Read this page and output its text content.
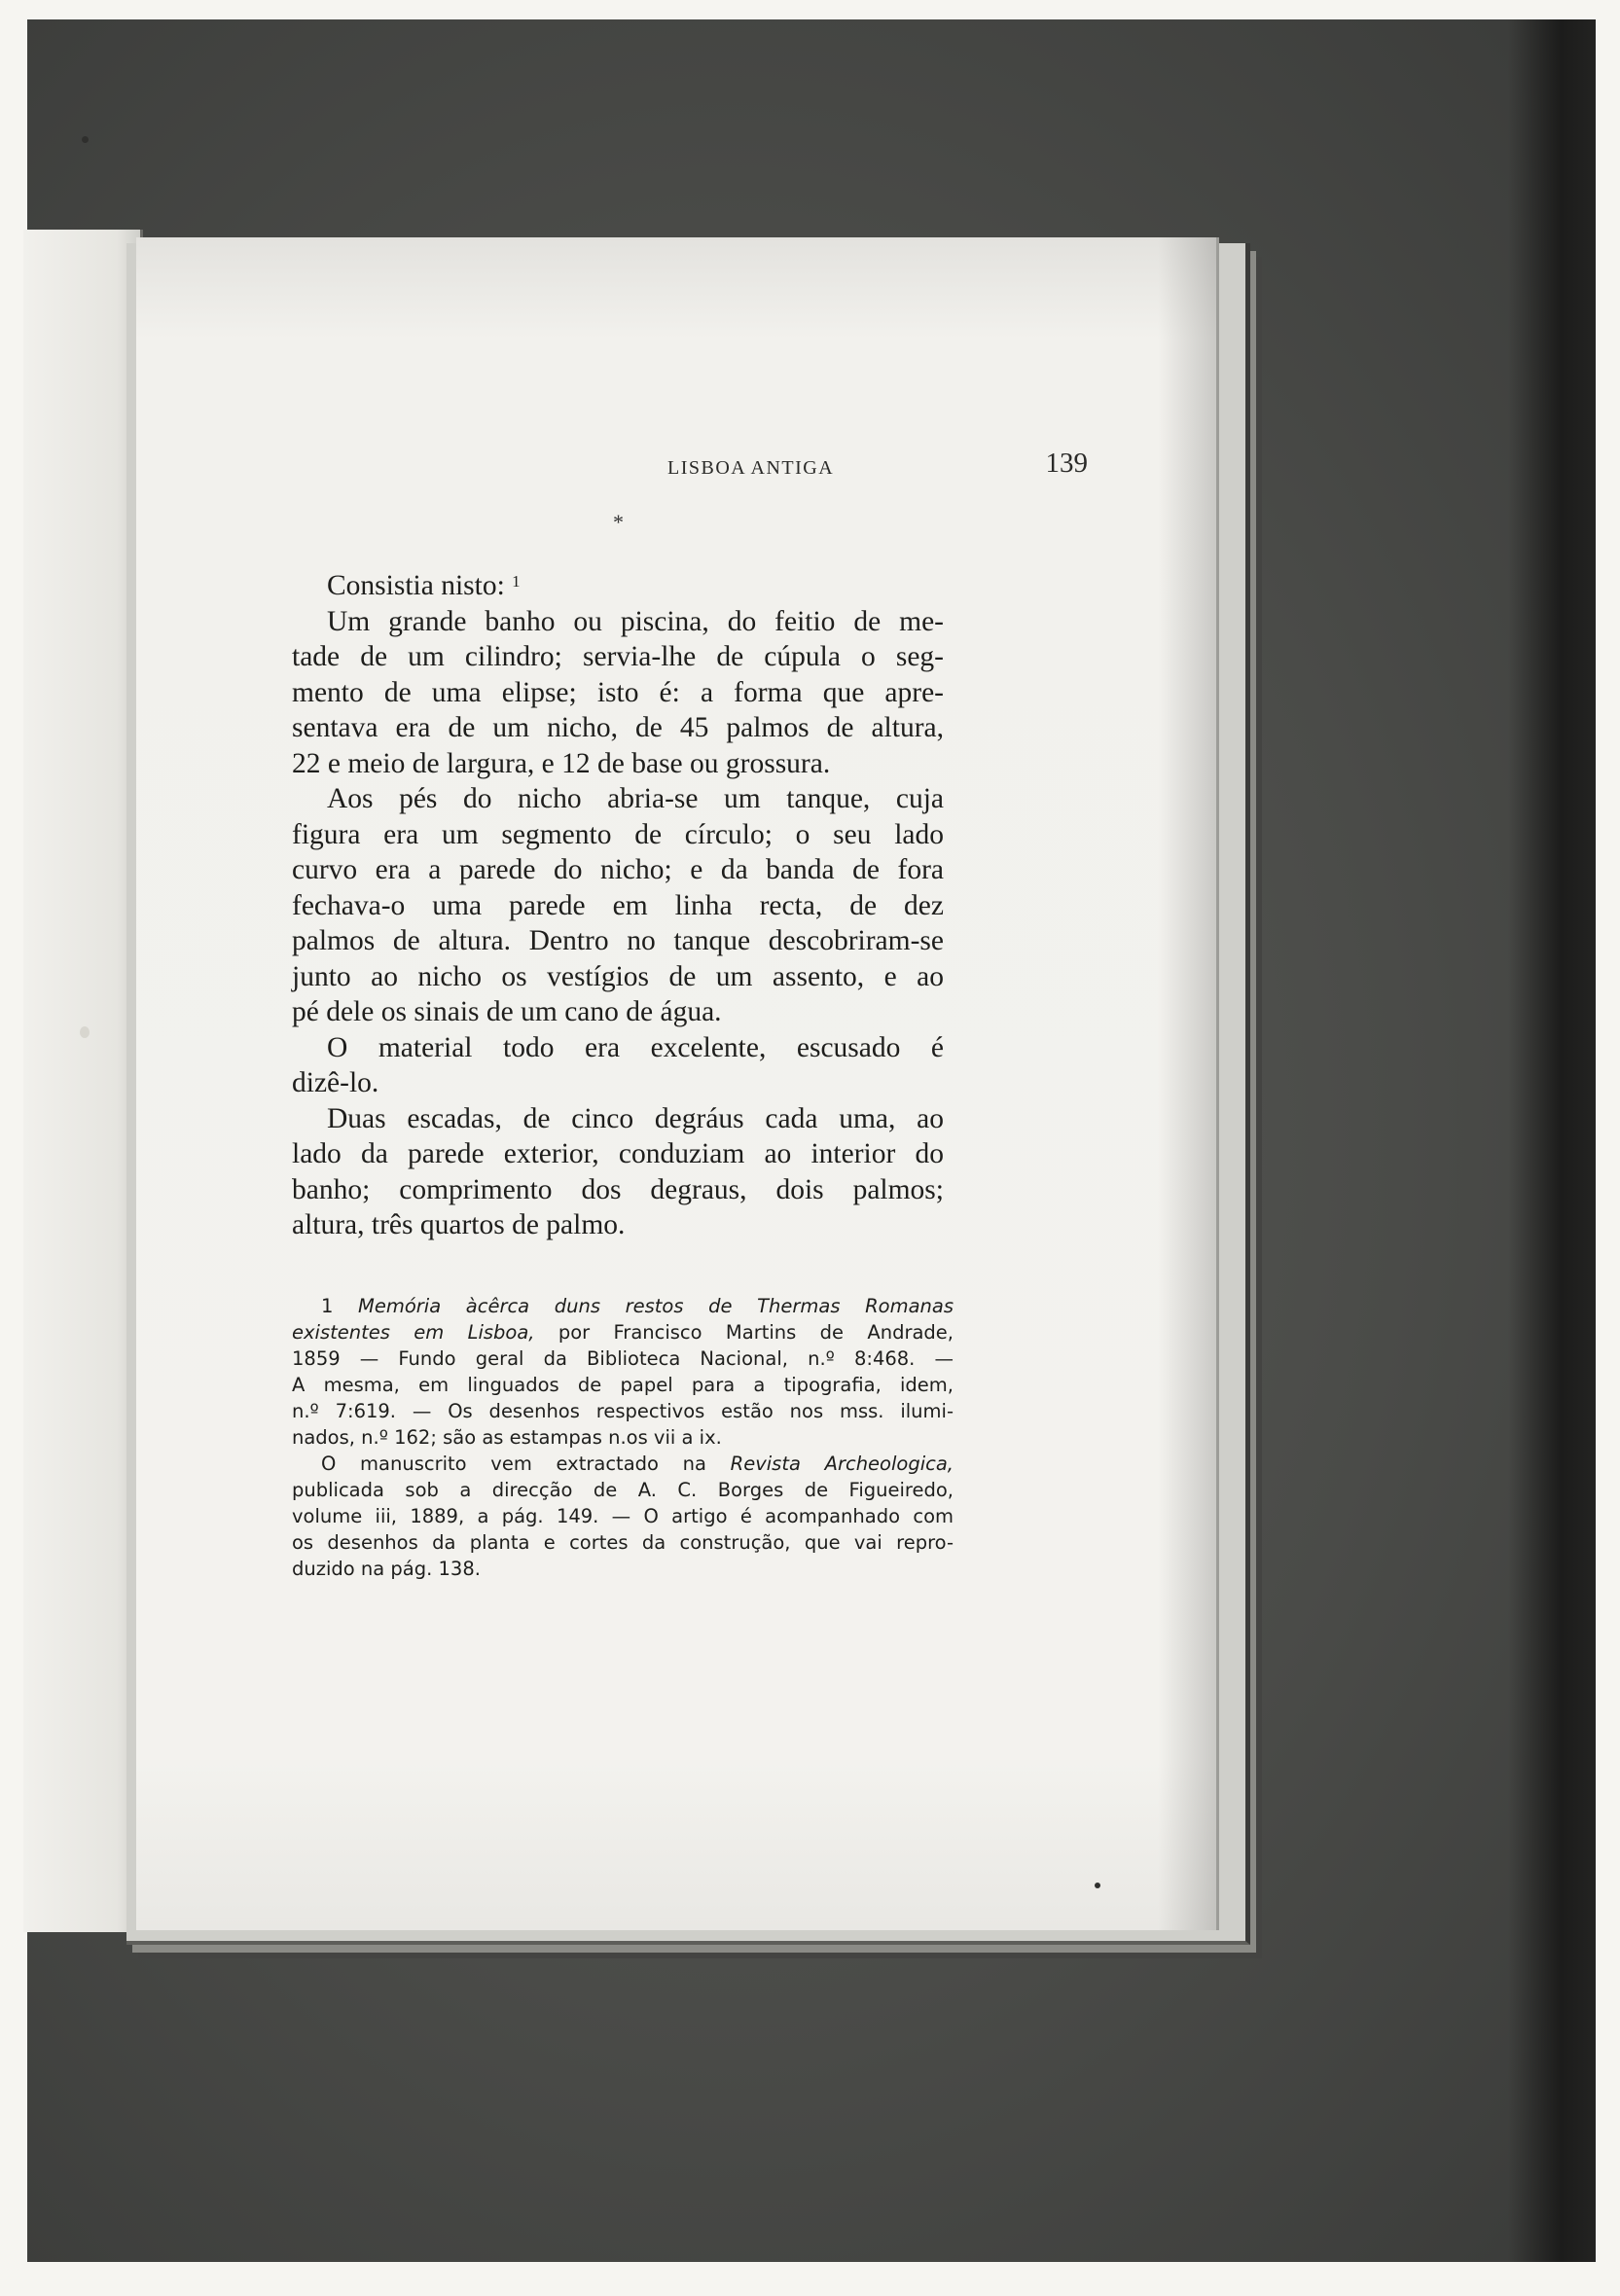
LISBOA ANTIGA	139
*
Consistia nisto: $^1$
Um grande banho ou piscina, do feitio de me-
tade de um cilindro; servia-lhe de cúpula o seg-
mento de uma elipse; isto é: a forma que apre-
sentava era de um nicho, de 45 palmos de altura,
22 e meio de largura, e 12 de base ou grossura.
Aos pés do nicho abria-se um tanque, cuja
figura era um segmento de círculo; o seu lado
curvo era a parede do nicho; e da banda de fora
fechava-o uma parede em linha recta, de dez
palmos de altura. Dentro no tanque descobriram-se
junto ao nicho os vestígios de um assento, e ao
pé dele os sinais de um cano de água.
O material todo era excelente, escusado é
dizê-lo.
Duas escadas, de cinco degráus cada uma, ao
lado da parede exterior, conduziam ao interior do
banho; comprimento dos degraus, dois palmos;
altura, três quartos de palmo.
1 Memória àcêrca duns restos de Thermas Romanas
existentes em Lisboa, por Francisco Martins de Andrade,
1859 — Fundo geral da Biblioteca Nacional, n.º 8:468. —
A mesma, em linguados de papel para a tipografia, idem,
n.º 7:619. — Os desenhos respectivos estão nos mss. ilumi-
nados, n.º 162; são as estampas n.os vii a ix.
O manuscrito vem extractado na Revista Archeologica,
publicada sob a direcção de A. C. Borges de Figueiredo,
volume iii, 1889, a pág. 149. — O artigo é acompanhado com
os desenhos da planta e cortes da construção, que vai repro-
duzido na pág. 138.
